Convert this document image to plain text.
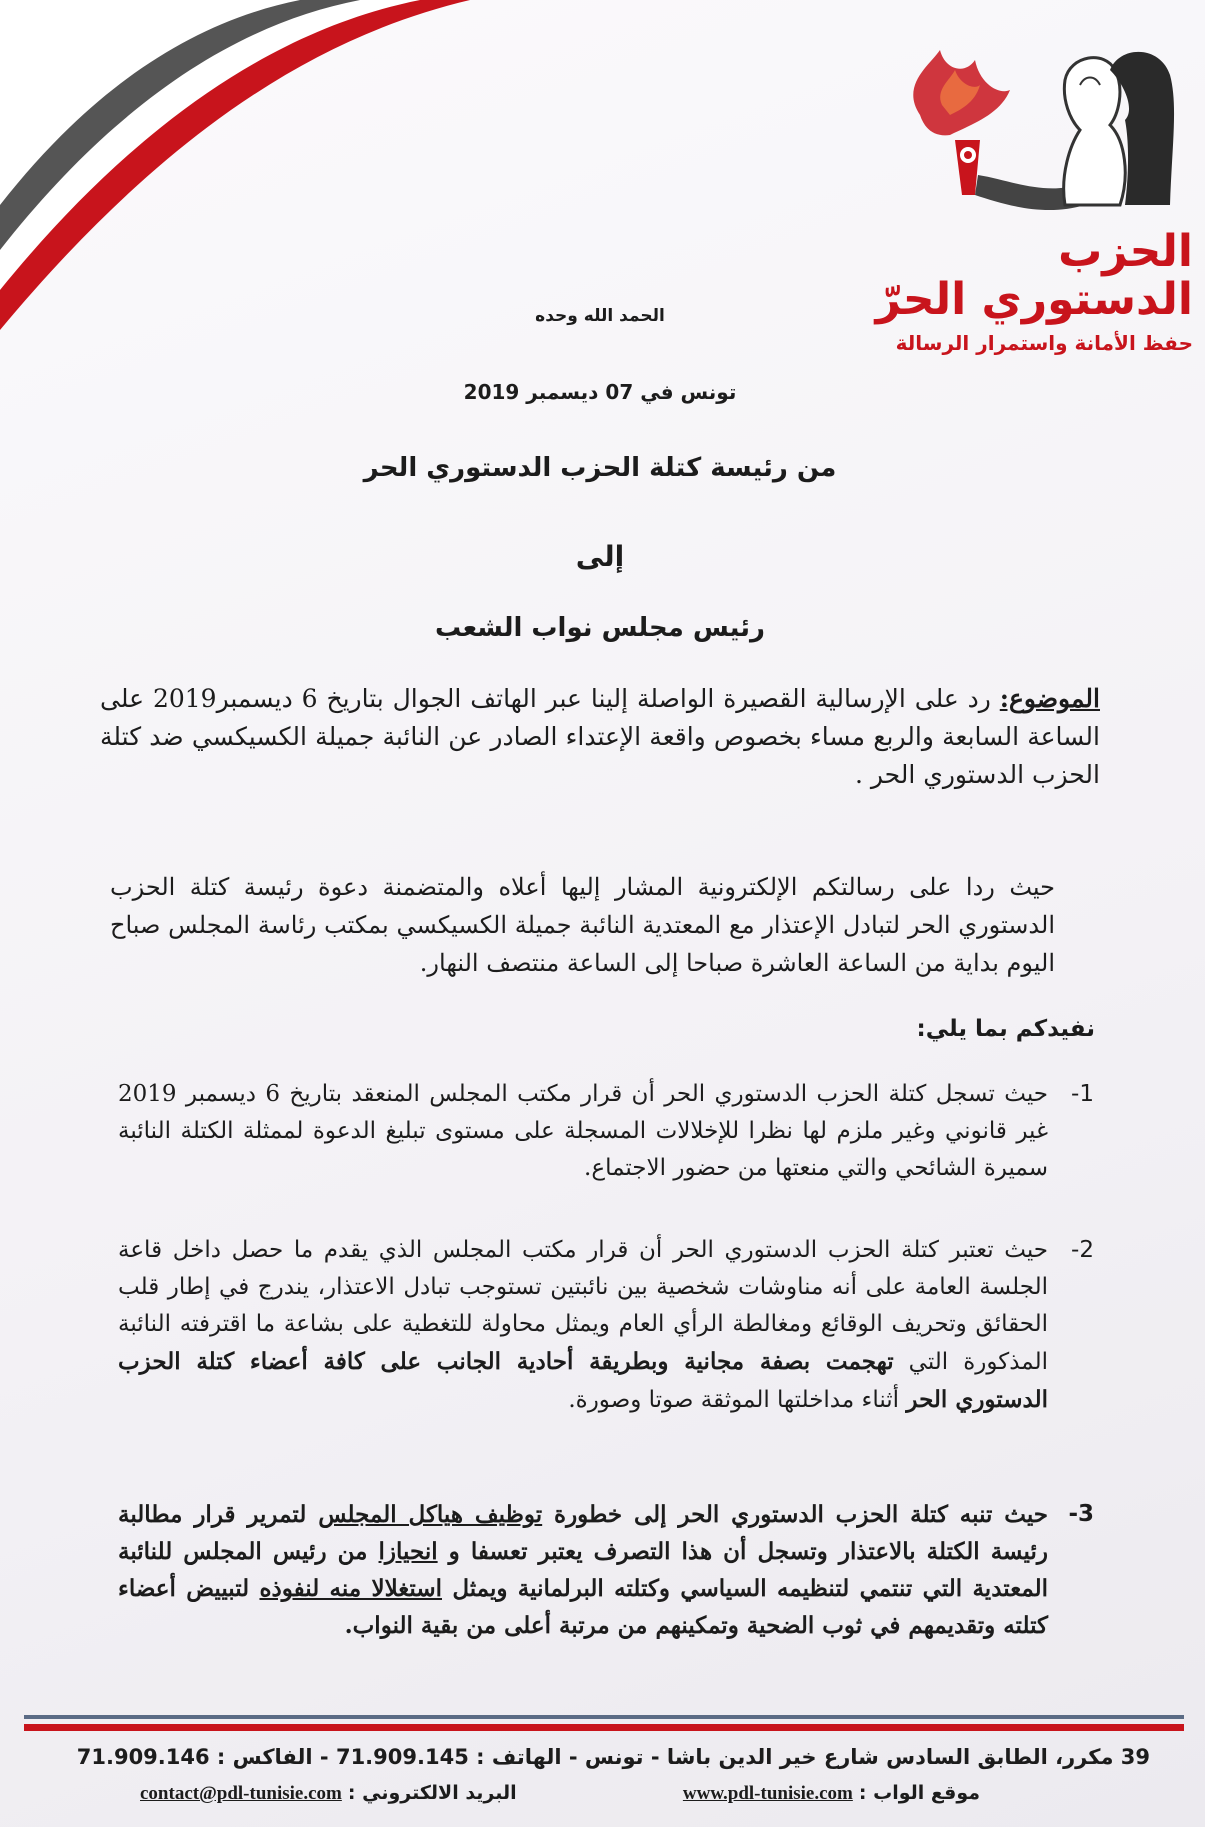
الحزب الدستوري الحرّ
حفظ الأمانة واستمرار الرسالة
الحمد الله وحده
تونس في 07 ديسمبر 2019
من رئيسة كتلة الحزب الدستوري الحر
إلى
رئيس مجلس نواب الشعب
الموضوع: رد على الإرسالية القصيرة الواصلة إلينا عبر الهاتف الجوال بتاريخ 6 ديسمبر2019 على الساعة السابعة والربع مساء بخصوص واقعة الإعتداء الصادر عن النائبة جميلة الكسيكسي ضد كتلة الحزب الدستوري الحر .
حيث ردا على رسالتكم الإلكترونية المشار إليها أعلاه والمتضمنة دعوة رئيسة كتلة الحزب الدستوري الحر لتبادل الإعتذار مع المعتدية النائبة جميلة الكسيكسي بمكتب رئاسة المجلس صباح اليوم بداية من الساعة العاشرة صباحا إلى الساعة منتصف النهار.
نفيدكم بما يلي:
1-
حيث تسجل كتلة الحزب الدستوري الحر أن قرار مكتب المجلس المنعقد بتاريخ 6 ديسمبر 2019 غير قانوني وغير ملزم لها نظرا للإخلالات المسجلة على مستوى تبليغ الدعوة لممثلة الكتلة النائبة سميرة الشائحي والتي منعتها من حضور الاجتماع.
2-
حيث تعتبر كتلة الحزب الدستوري الحر أن قرار مكتب المجلس الذي يقدم ما حصل داخل قاعة الجلسة العامة على أنه مناوشات شخصية بين نائبتين تستوجب تبادل الاعتذار، يندرج في إطار قلب الحقائق وتحريف الوقائع ومغالطة الرأي العام ويمثل محاولة للتغطية على بشاعة ما اقترفته النائبة المذكورة التي تهجمت بصفة مجانية وبطريقة أحادية الجانب على كافة أعضاء كتلة الحزب الدستوري الحر أثناء مداخلتها الموثقة صوتا وصورة.
3-
حيث تنبه كتلة الحزب الدستوري الحر إلى خطورة توظيف هياكل المجلس لتمرير قرار مطالبة رئيسة الكتلة بالاعتذار وتسجل أن هذا التصرف يعتبر تعسفا و انحيازا من رئيس المجلس للنائبة المعتدية التي تنتمي لتنظيمه السياسي وكتلته البرلمانية ويمثل استغلالا منه لنفوذه لتبييض أعضاء كتلته وتقديمهم في ثوب الضحية وتمكينهم من مرتبة أعلى من بقية النواب.
39 مكرر، الطابق السادس شارع خير الدين باشا - تونس - الهاتف : 71.909.145 - الفاكس : 71.909.146
موقع الواب : www.pdl-tunisie.com
البريد الالكتروني : contact@pdl-tunisie.com
